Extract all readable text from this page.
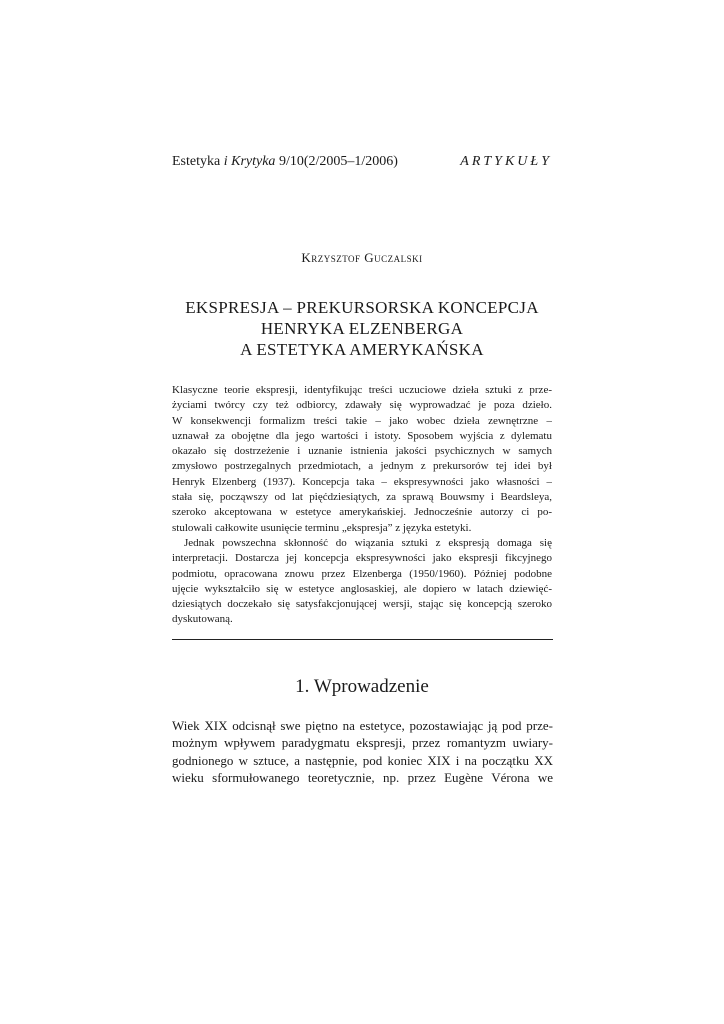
Estetyka i Krytyka 9/10(2/2005–1/2006)	ARTYKUŁY
Krzysztof Guczalski
EKSPRESJA – PREKURSORSKA KONCEPCJA
HENRYKA ELZENBERGA
A ESTETYKA AMERYKAŃSKA
Klasyczne teorie ekspresji, identyfikując treści uczuciowe dzieła sztuki z prze-
życiami twórcy czy też odbiorcy, zdawały się wyprowadzać je poza dzieło.
W konsekwencji formalizm treści takie – jako wobec dzieła zewnętrzne –
uznawał za obojętne dla jego wartości i istoty. Sposobem wyjścia z dylematu
okazało się dostrzeżenie i uznanie istnienia jakości psychicznych w samych
zmysłowo postrzegalnych przedmiotach, a jednym z prekursorów tej idei był
Henryk Elzenberg (1937). Koncepcja taka – ekspresywności jako własności –
stała się, począwszy od lat pięćdziesiątych, za sprawą Bouwsmy i Beardsleya,
szeroko akceptowana w estetyce amerykańskiej. Jednocześnie autorzy ci po-
stulowali całkowite usunięcie terminu „ekspresja” z języka estetyki.
Jednak powszechna skłonność do wiązania sztuki z ekspresją domaga się
interpretacji. Dostarcza jej koncepcja ekspresywności jako ekspresji fikcyjnego
podmiotu, opracowana znowu przez Elzenberga (1950/1960). Później podobne
ujęcie wykształciło się w estetyce anglosaskiej, ale dopiero w latach dziewięć-
dziesiątych doczekało się satysfakcjonującej wersji, stając się koncepcją szeroko
dyskutowaną.
1. Wprowadzenie
Wiek XIX odcisnął swe piętno na estetyce, pozostawiając ją pod prze-
możnym wpływem paradygmatu ekspresji, przez romantyzm uwiary-
godnionego w sztuce, a następnie, pod koniec XIX i na początku XX
wieku sformułowanego teoretycznie, np. przez Eugène Vérona we
